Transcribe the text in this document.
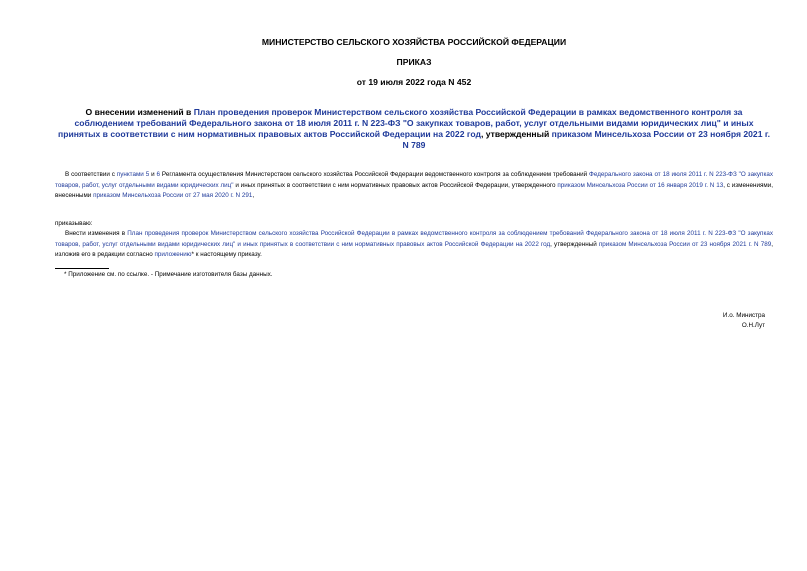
МИНИСТЕРСТВО СЕЛЬСКОГО ХОЗЯЙСТВА РОССИЙСКОЙ ФЕДЕРАЦИИ
ПРИКАЗ
от 19 июля 2022 года N 452
О внесении изменений в План проведения проверок Министерством сельского хозяйства Российской Федерации в рамках ведомственного контроля за соблюдением требований Федерального закона от 18 июля 2011 г. N 223-ФЗ "О закупках товаров, работ, услуг отдельными видами юридических лиц" и иных принятых в соответствии с ним нормативных правовых актов Российской Федерации на 2022 год, утвержденный приказом Минсельхоза России от 23 ноября 2021 г. N 789
В соответствии с пунктами 5 и 6 Регламента осуществления Министерством сельского хозяйства Российской Федерации ведомственного контроля за соблюдением требований Федерального закона от 18 июля 2011 г. N 223-ФЗ "О закупках товаров, работ, услуг отдельными видами юридических лиц" и иных принятых в соответствии с ним нормативных правовых актов Российской Федерации, утвержденного приказом Минсельхоза России от 16 января 2019 г. N 13, с изменениями, внесенными приказом Минсельхоза России от 27 мая 2020 г. N 291,
приказываю:
Внести изменения в План проведения проверок Министерством сельского хозяйства Российской Федерации в рамках ведомственного контроля за соблюдением требований Федерального закона от 18 июля 2011 г. N 223-ФЗ "О закупках товаров, работ, услуг отдельными видами юридических лиц" и иных принятых в соответствии с ним нормативных правовых актов Российской Федерации на 2022 год, утвержденный приказом Минсельхоза России от 23 ноября 2021 г. N 789, изложив его в редакции согласно приложению* к настоящему приказу.
* Приложение см. по ссылке. - Примечание изготовителя базы данных.
И.о. Министра
О.Н.Лут
